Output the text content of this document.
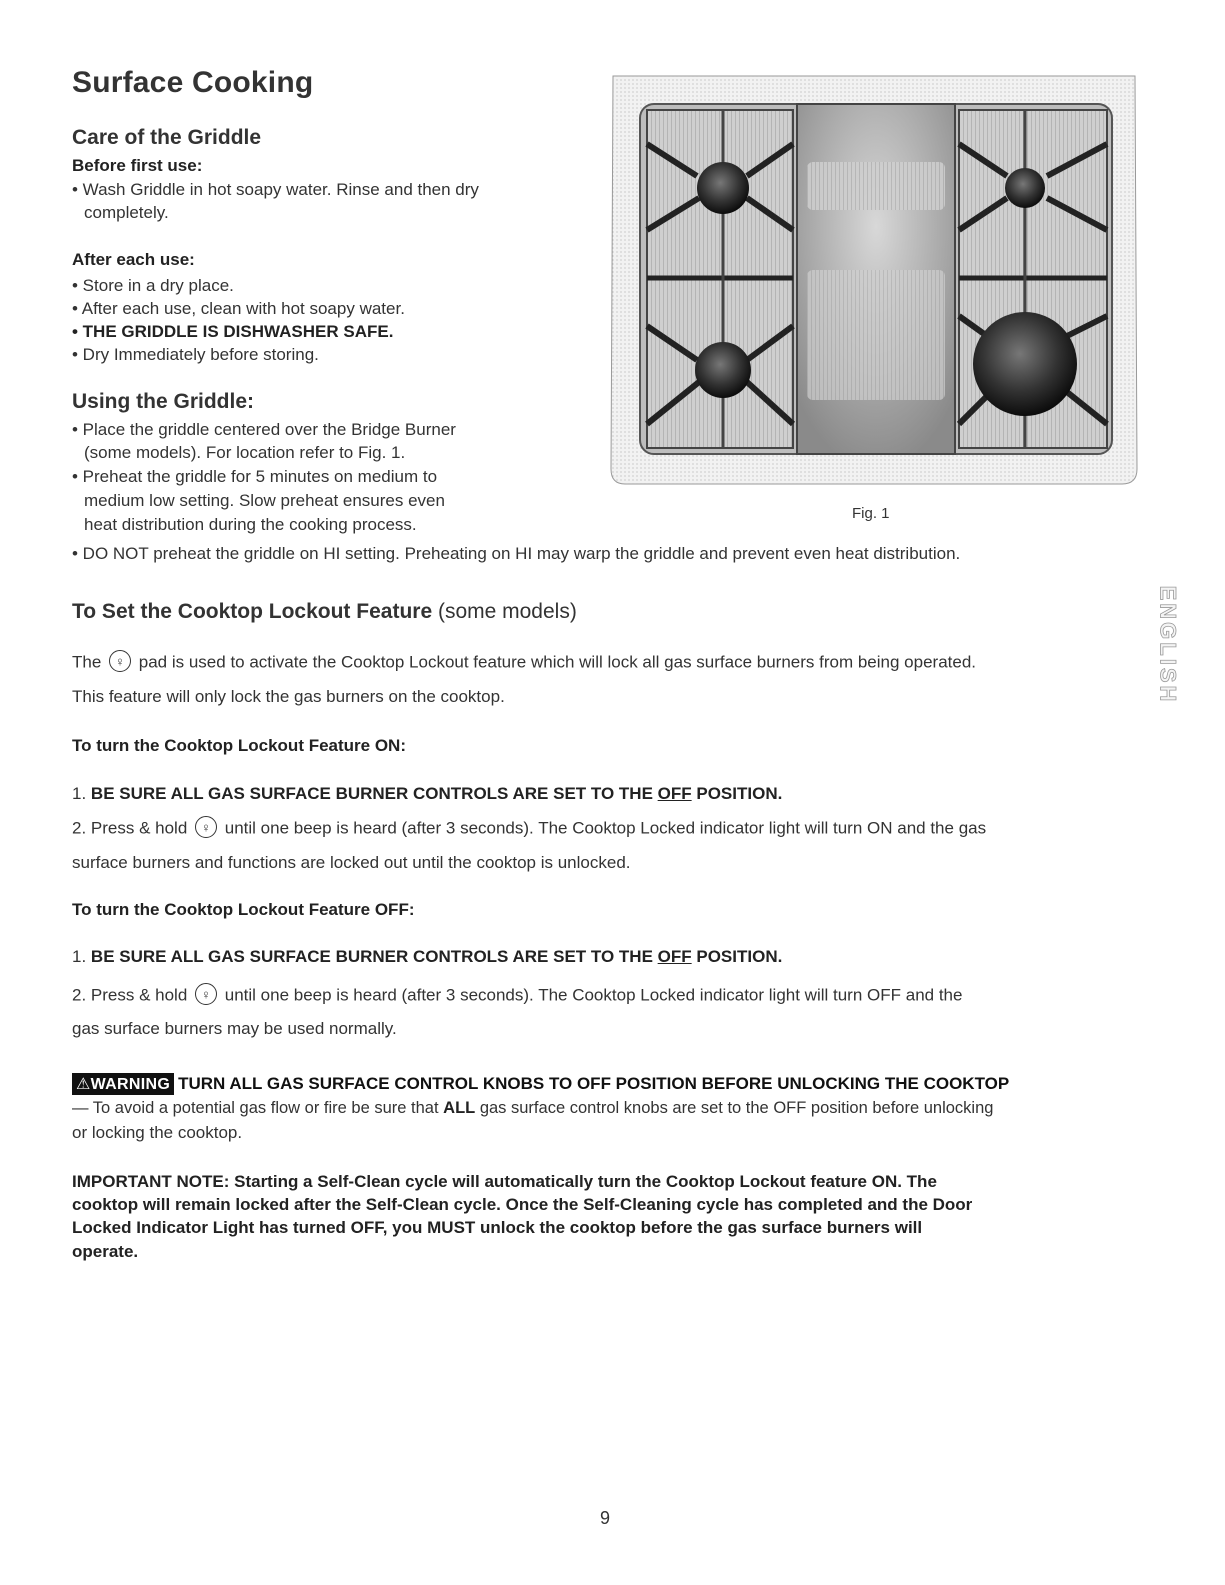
Surface Cooking
Care of the Griddle

Before first use:

• Wash Griddle in hot soapy water. Rinse and then dry

completely.

After each use:

• Store in a dry place.

• After each use, clean with hot soapy water.

• THE GRIDDLE IS DISHWASHER SAFE.

• Dry Immediately before storing.

Using the Griddle:

• Place the griddle centered over the Bridge Burner

(some models). For location refer to Fig. 1.

• Preheat the griddle for 5 minutes on medium to

medium low setting. Slow preheat ensures even

heat distribution during the cooking process.

• DO NOT preheat the griddle on HI setting. Preheating on HI may warp the griddle and prevent even heat distribution.

Fig. 1

ENGLISH
To Set the Cooktop Lockout Feature (some models)

The ♀ pad is used to activate the Cooktop Lockout feature which will lock all gas surface burners from being operated.

This feature will only lock the gas burners on the cooktop.

To turn the Cooktop Lockout Feature ON:

1. BE SURE ALL GAS SURFACE BURNER CONTROLS ARE SET TO THE OFF POSITION.

2. Press & hold ♀ until one beep is heard (after 3 seconds). The Cooktop Locked indicator light will turn ON and the gas

surface burners and functions are locked out until the cooktop is unlocked.

To turn the Cooktop Lockout Feature OFF:

1. BE SURE ALL GAS SURFACE BURNER CONTROLS ARE SET TO THE OFF POSITION.

2. Press & hold ♀ until one beep is heard (after 3 seconds). The Cooktop Locked indicator light will turn OFF and the

gas surface burners may be used normally.

⚠WARNING TURN ALL GAS SURFACE CONTROL KNOBS TO OFF POSITION BEFORE UNLOCKING THE COOKTOP

— To avoid a potential gas flow or fire be sure that ALL gas surface control knobs are set to the OFF position before unlocking

or locking the cooktop.

IMPORTANT NOTE: Starting a Self-Clean cycle will automatically turn the Cooktop Lockout feature ON. The

cooktop will remain locked after the Self-Clean cycle. Once the Self-Cleaning cycle has completed and the Door

Locked Indicator Light has turned OFF, you MUST unlock the cooktop before the gas surface burners will

operate.

9
